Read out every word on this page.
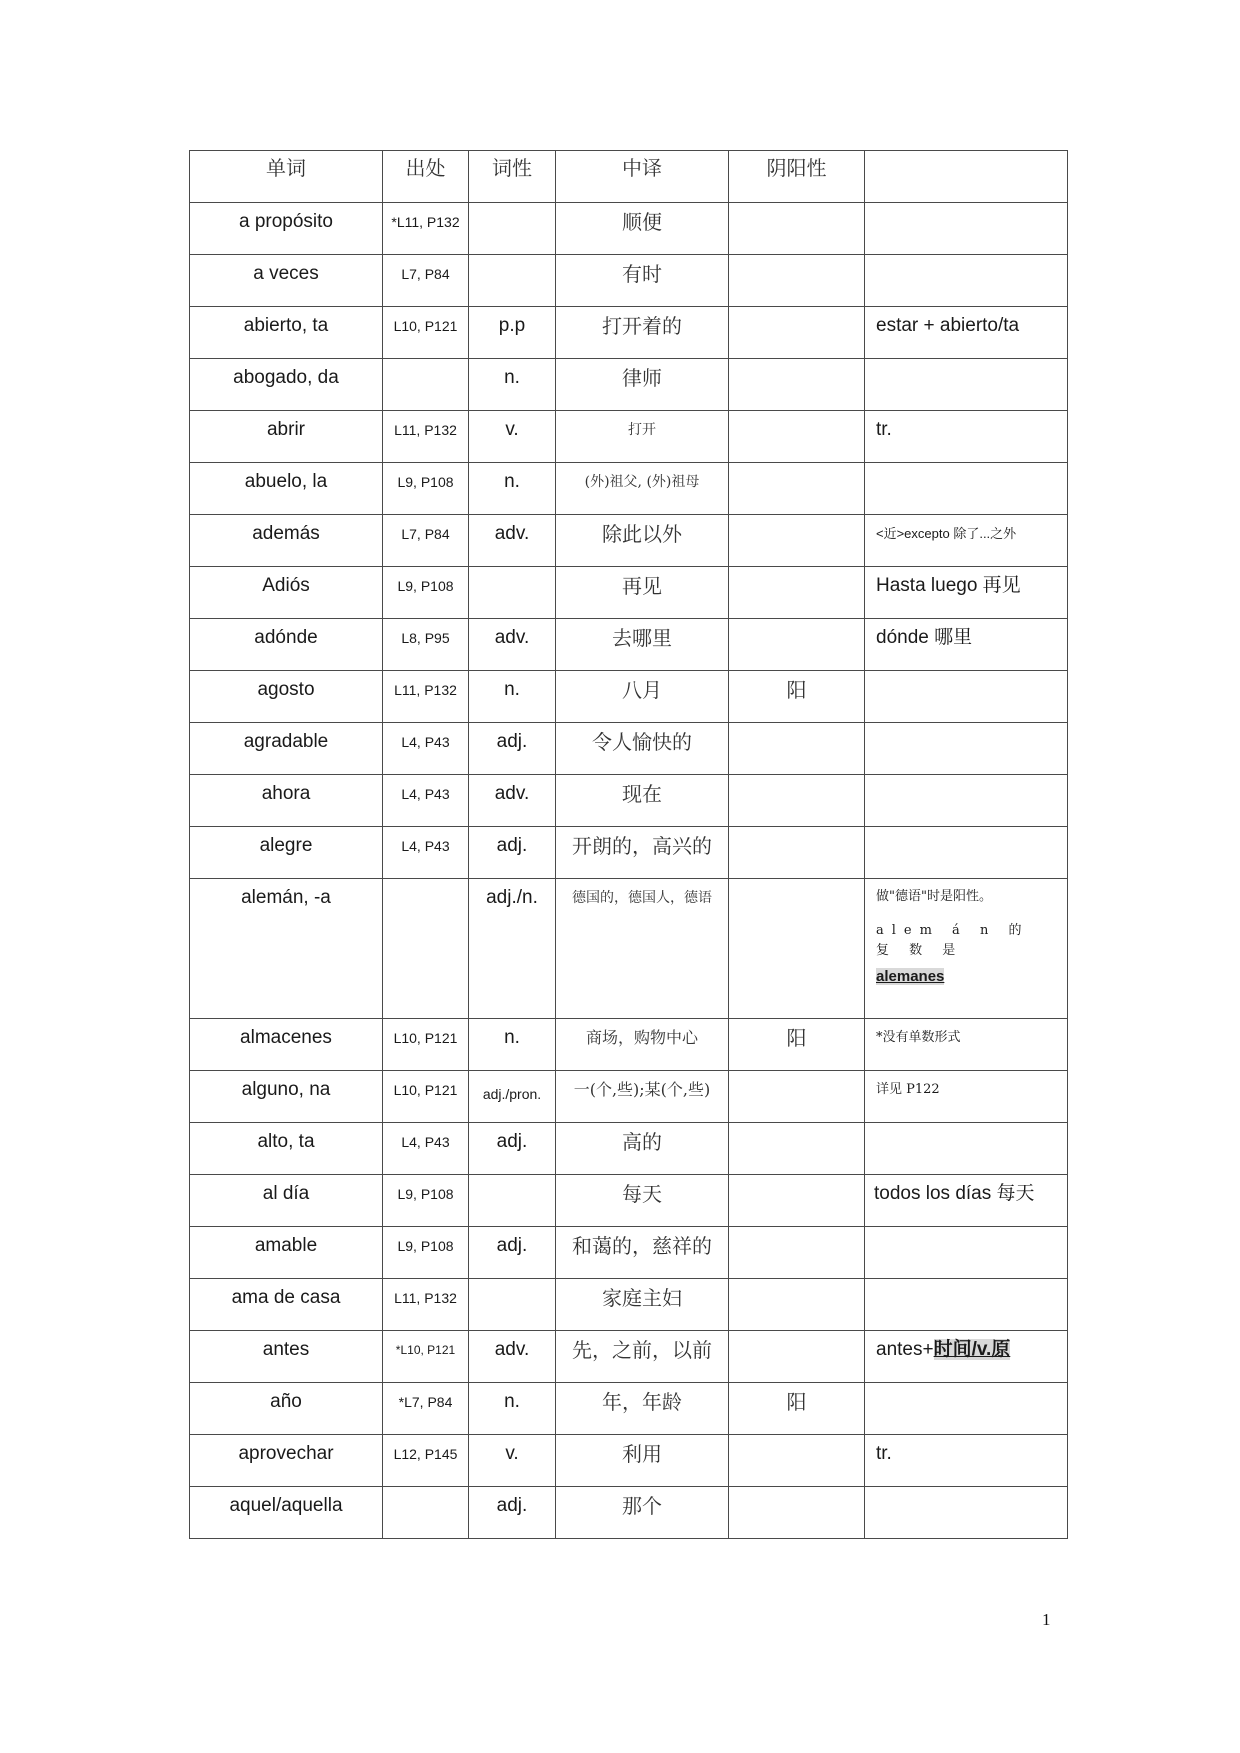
单词	出处	词性	中译	阴阳性	

a propósito	*L11, P132		顺便		

a veces	L7, P84		有时		

abierto, ta	L10, P121	p.p	打开着的		estar + abierto/ta

abogado, da		n.	律师		

abrir	L11, P132	v.	打开		tr.

abuelo, la	L9, P108	n.	(外)祖父, (外)祖母		

además	L7, P84	adv.	除此以外		<近>excepto 除了...之外

Adiós	L9, P108		再见		Hasta luego 再见

adónde	L8, P95	adv.	去哪里		dónde 哪里

agosto	L11, P132	n.	八月	阳	

agradable	L4, P43	adj.	令人愉快的		

ahora	L4, P43	adv.	现在		

alegre	L4, P43	adj.	开朗的，高兴的		

alemán, -a		adj./n.	德国的，德国人，德语		做"德语"时是阳性。
alem á n 的 复 数 是
alemanes

almacenes	L10, P121	n.	商场，购物中心	阳	*没有单数形式

alguno, na	L10, P121	adj./pron.	一(个,些);某(个,些)		详见 P122

alto, ta	L4, P43	adj.	高的		

al día	L9, P108		每天		todos los días 每天

amable	L9, P108	adj.	和蔼的，慈祥的		

ama de casa	L11, P132		家庭主妇		

antes	*L10, P121	adv.	先，之前，以前		antes+时间/v.原

año	*L7, P84	n.	年，年龄	阳	

aprovechar	L12, P145	v.	利用		tr.

aquel/aquella		adj.	那个		

1
